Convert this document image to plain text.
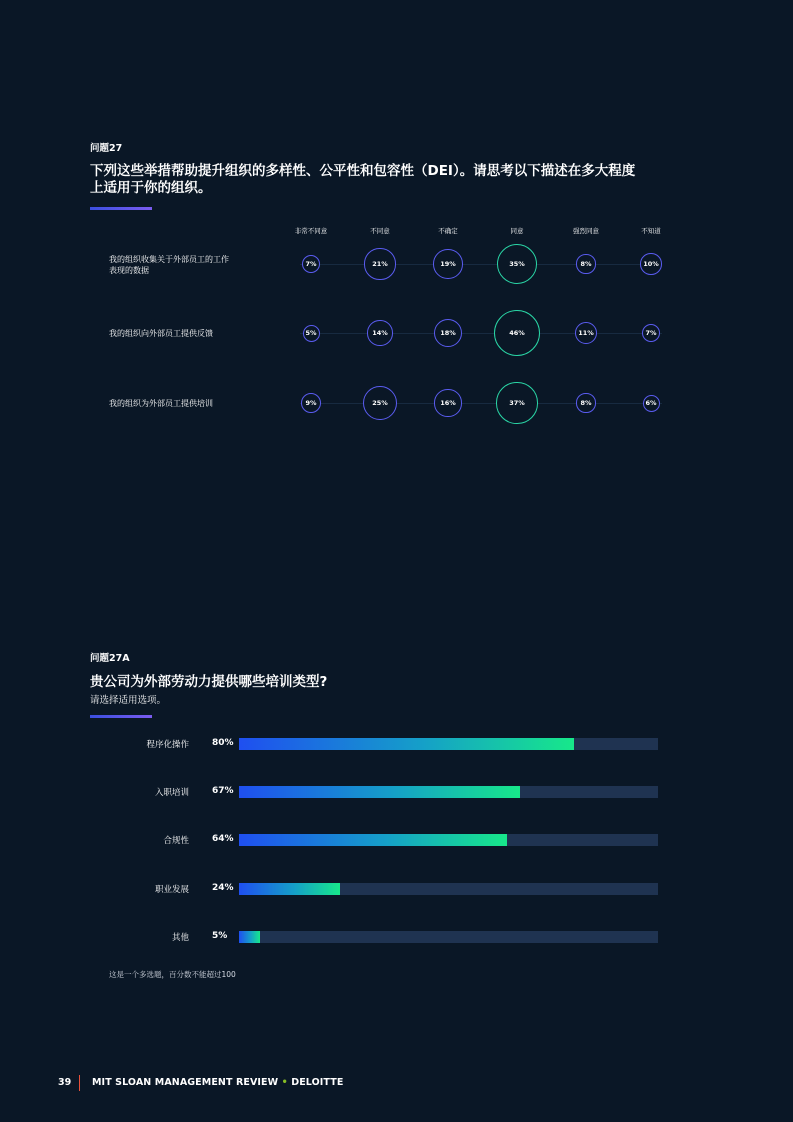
问题27
下列这些举措帮助提升组织的多样性、公平性和包容性（DEI）。请思考以下描述在多大程度
上适用于你的组织。
非常不同意	不同意	不确定	同意	强烈同意	不知道
我的组织收集关于外部员工的工作
表现的数据
7%	21%	19%	35%	8%	10%
我的组织向外部员工提供反馈	5%	14%	18%	46%	11%	7%
我的组织为外部员工提供培训	9%	25%	16%	37%	8%	6%
问题27A
贵公司为外部劳动力提供哪些培训类型?
请选择适用选项。
程序化操作	80%
入职培训	67%
合规性	64%
职业发展	24%
其他	5%
这是一个多选题，百分数不能超过100
39 MIT SLOAN MANAGEMENT REVIEW • DELOITTE
